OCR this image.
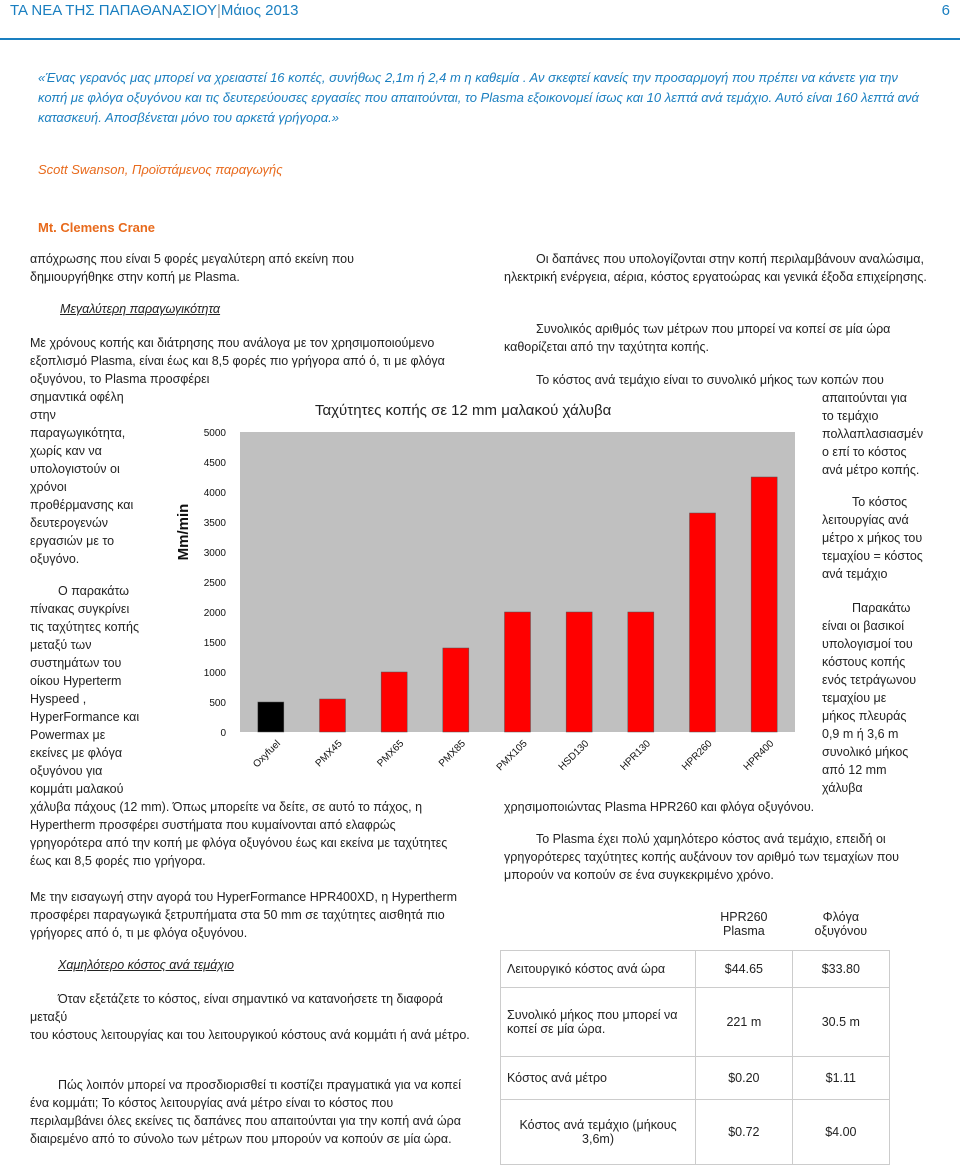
ΤΑ ΝΕΑ ΤΗΣ ΠΑΠΑΘΑΝΑΣΙΟΥ|Μάιος 2013	6
«Ένας γερανός μας μπορεί να χρειαστεί 16 κοπές, συνήθως 2,1m ή 2,4 m η καθεμία . Αν σκεφτεί κανείς την προσαρμογή που πρέπει να κάνετε για την κοπή με φλόγα οξυγόνου και τις δευτερεύουσες εργασίες που απαιτούνται, το Plasma εξοικονομεί ίσως και 10 λεπτά ανά τεμάχιο. Αυτό είναι 160 λεπτά ανά κατασκευή. Αποσβένεται μόνο του αρκετά γρήγορα.»
Scott Swanson, Προϊστάμενος παραγωγής
Mt. Clemens Crane
απόχρωσης που είναι 5 φορές μεγαλύτερη από εκείνη που δημιουργήθηκε στην κοπή με Plasma.
Μεγαλύτερη παραγωγικότητα
Με χρόνους κοπής και διάτρησης που ανάλογα με τον χρησιμοποιούμενο εξοπλισμό Plasma, είναι έως και 8,5 φορές πιο γρήγορα από ό, τι με φλόγα οξυγόνου, το Plasma προσφέρει

σημαντικά οφέλη

στην

παραγωγικότητα,

χωρίς καν να

υπολογιστούν οι

χρόνοι

προθέρμανσης και

δευτερογενών

εργασιών με το

οξυγόνο.

Ο παρακάτω

πίνακας συγκρίνει

τις ταχύτητες κοπής

μεταξύ των

συστημάτων του

οίκου Hyperterm

Hyspeed ,

HyperFormance και

Powermax με

εκείνες με φλόγα

οξυγόνου για

κομμάτι μαλακού

χάλυβα πάχους (12 mm). Όπως μπορείτε να δείτε, σε αυτό το πάχος, η Hypertherm προσφέρει συστήματα που κυμαίνονται από ελαφρώς γρηγορότερα από την κοπή με φλόγα οξυγόνου έως και εκείνα με ταχύτητες έως και 8,5 φορές πιο γρήγορα.
Με την εισαγωγή στην αγορά του HyperFormance HPR400XD, η Hypertherm προσφέρει παραγωγικά ξετρυπήματα στα 50 mm σε ταχύτητες αισθητά πιο γρήγορες από ό, τι με φλόγα οξυγόνου.
Χαμηλότερο κόστος ανά τεμάχιο
Όταν εξετάζετε το κόστος, είναι σημαντικό να κατανοήσετε τη διαφορά μεταξύ
του κόστους λειτουργίας και του λειτουργικού κόστους ανά κομμάτι ή ανά μέτρο.
Πώς λοιπόν μπορεί να προσδιορισθεί τι κοστίζει πραγματικά για να κοπεί ένα κομμάτι; Το κόστος λειτουργίας ανά μέτρο είναι το κόστος που περιλαμβάνει όλες εκείνες τις δαπάνες που απαιτούνται για την κοπή ανά ώρα διαιρεμένο από το σύνολο των μέτρων που μπορούν να κοπούν σε μία ώρα.
Οι δαπάνες που υπολογίζονται στην κοπή περιλαμβάνουν αναλώσιμα, ηλεκτρική ενέργεια, αέρια, κόστος εργατοώρας και γενικά έξοδα επιχείρησης.
Συνολικός αριθμός των μέτρων που μπορεί να κοπεί σε μία ώρα καθορίζεται από την ταχύτητα κοπής.
Το κόστος ανά τεμάχιο είναι το συνολικό μήκος των κοπών που

απαιτούνται για

το τεμάχιο

πολλαπλασιασμέν

ο επί το κόστος

ανά μέτρο κοπής.

Το κόστος

λειτουργίας ανά

μέτρο x μήκος του

τεμαχίου = κόστος

ανά τεμάχιο

Παρακάτω

είναι οι βασικοί

υπολογισμοί του

κόστους κοπής

ενός τετράγωνου

τεμαχίου με

μήκος πλευράς

0,9 m ή 3,6 m

συνολικό μήκος

από 12 mm

χάλυβα

χρησιμοποιώντας Plasma HPR260 και φλόγα οξυγόνου.
Το Plasma έχει πολύ χαμηλότερο κόστος ανά τεμάχιο, επειδή οι γρηγορότερες ταχύτητες κοπής αυξάνουν τον αριθμό των τεμαχίων που μπορούν να κοπούν σε ένα συγκεκριμένο χρόνο.
	HPR260 Plasma	Φλόγα οξυγόνου
Λειτουργικό κόστος ανά ώρα	$44.65	$33.80
Συνολικό μήκος που μπορεί να κοπεί σε μία ώρα.	221 m	30.5 m
Κόστος ανά μέτρο	$0.20	$1.11
Κόστος ανά τεμάχιο (μήκους 3,6m)	$0.72	$4.00
Ταχύτητες κοπής σε 12 mm μαλακού χάλυβα
0
500
1000
1500
2000
2500
3000
3500
4000
4500
5000
Mm/min
Oxyfuel	PMX45	PMX65	PMX85	PMX105	HSD130	HPR130	HPR260	HPR400
